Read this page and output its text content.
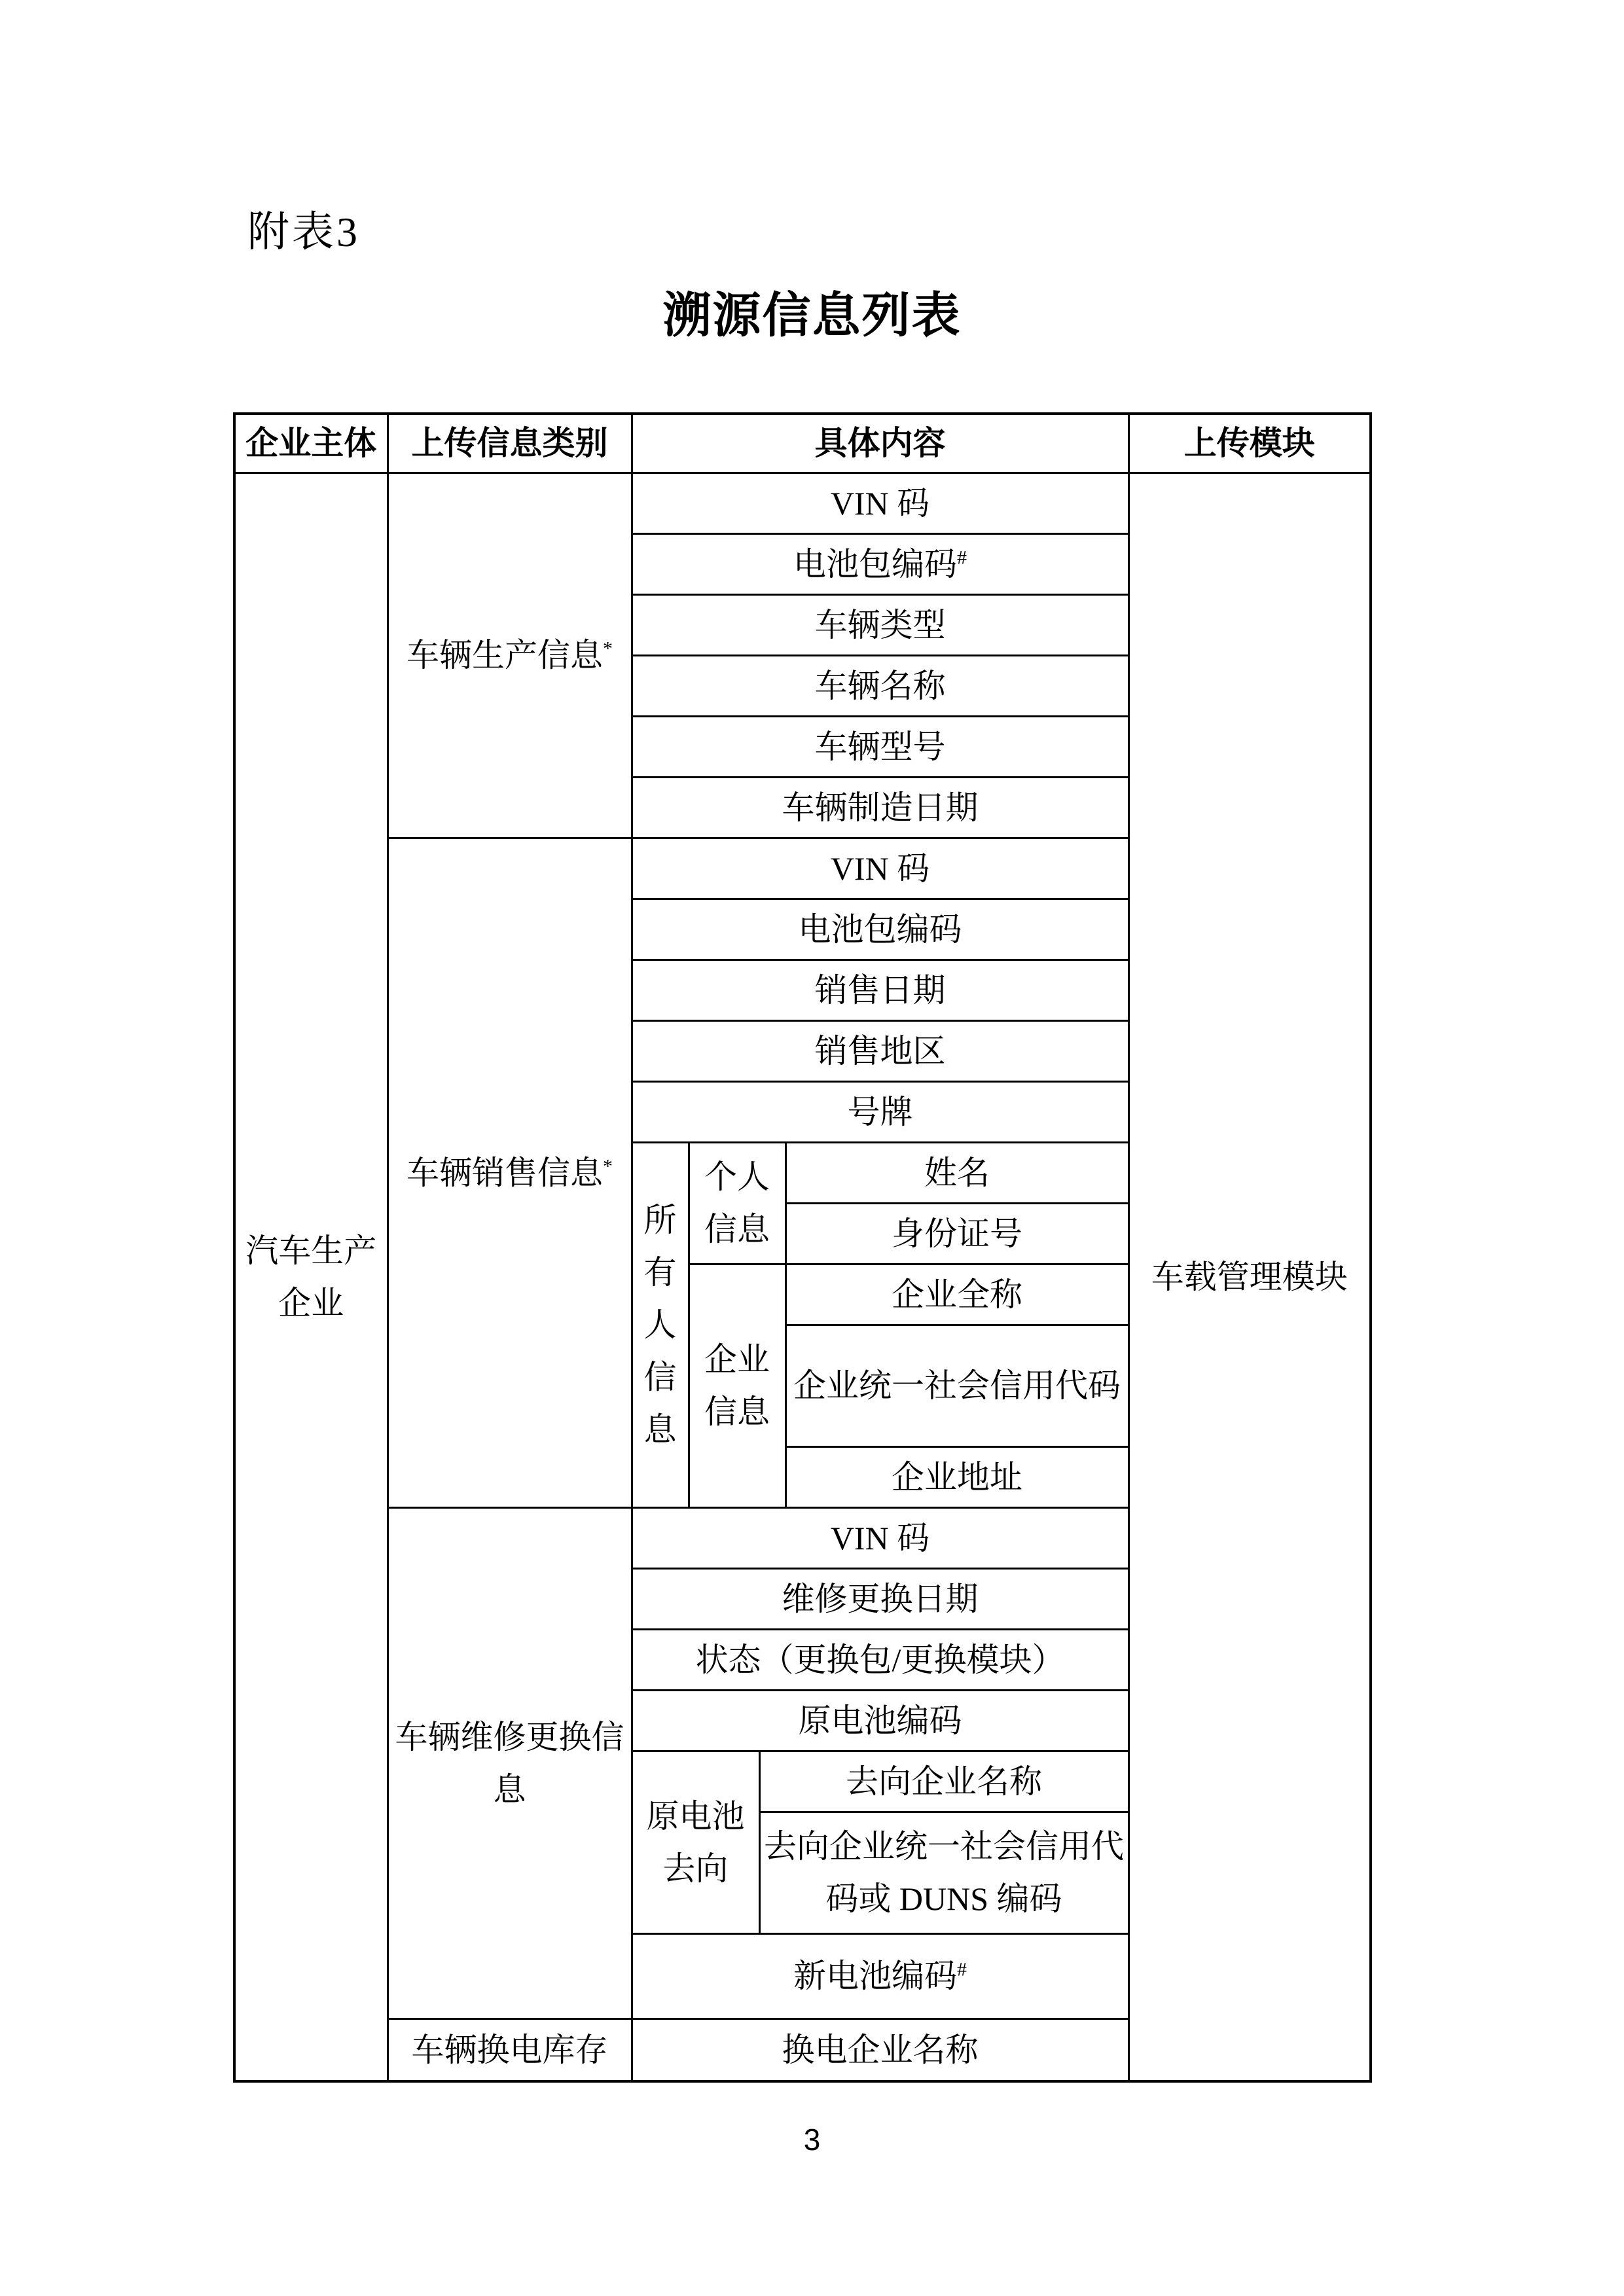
附表3
溯源信息列表
企业主体	上传信息类别	具体内容				上传模块
汽车生产企业	车辆生产信息*	VIN 码				车载管理模块
		电池包编码#
		车辆类型				
		车辆名称				
		车辆型号				
		车辆制造日期				
	车辆销售信息*	VIN 码				
		电池包编码				
		销售日期				
		销售地区				
		号牌				
		所有人信息	个人信息		姓名	
					身份证号	
			企业信息		企业全称	
					企业统一社会信用代码	
					企业地址	
	车辆维修更换信息	VIN 码				
		维修更换日期				
		状态（更换包/更换模块）				
		原电池编码				
		原电池去向		去向企业名称		
				去向企业统一社会信用代码或 DUNS 编码		
		新电池编码#
	车辆换电库存	换电企业名称				
3
